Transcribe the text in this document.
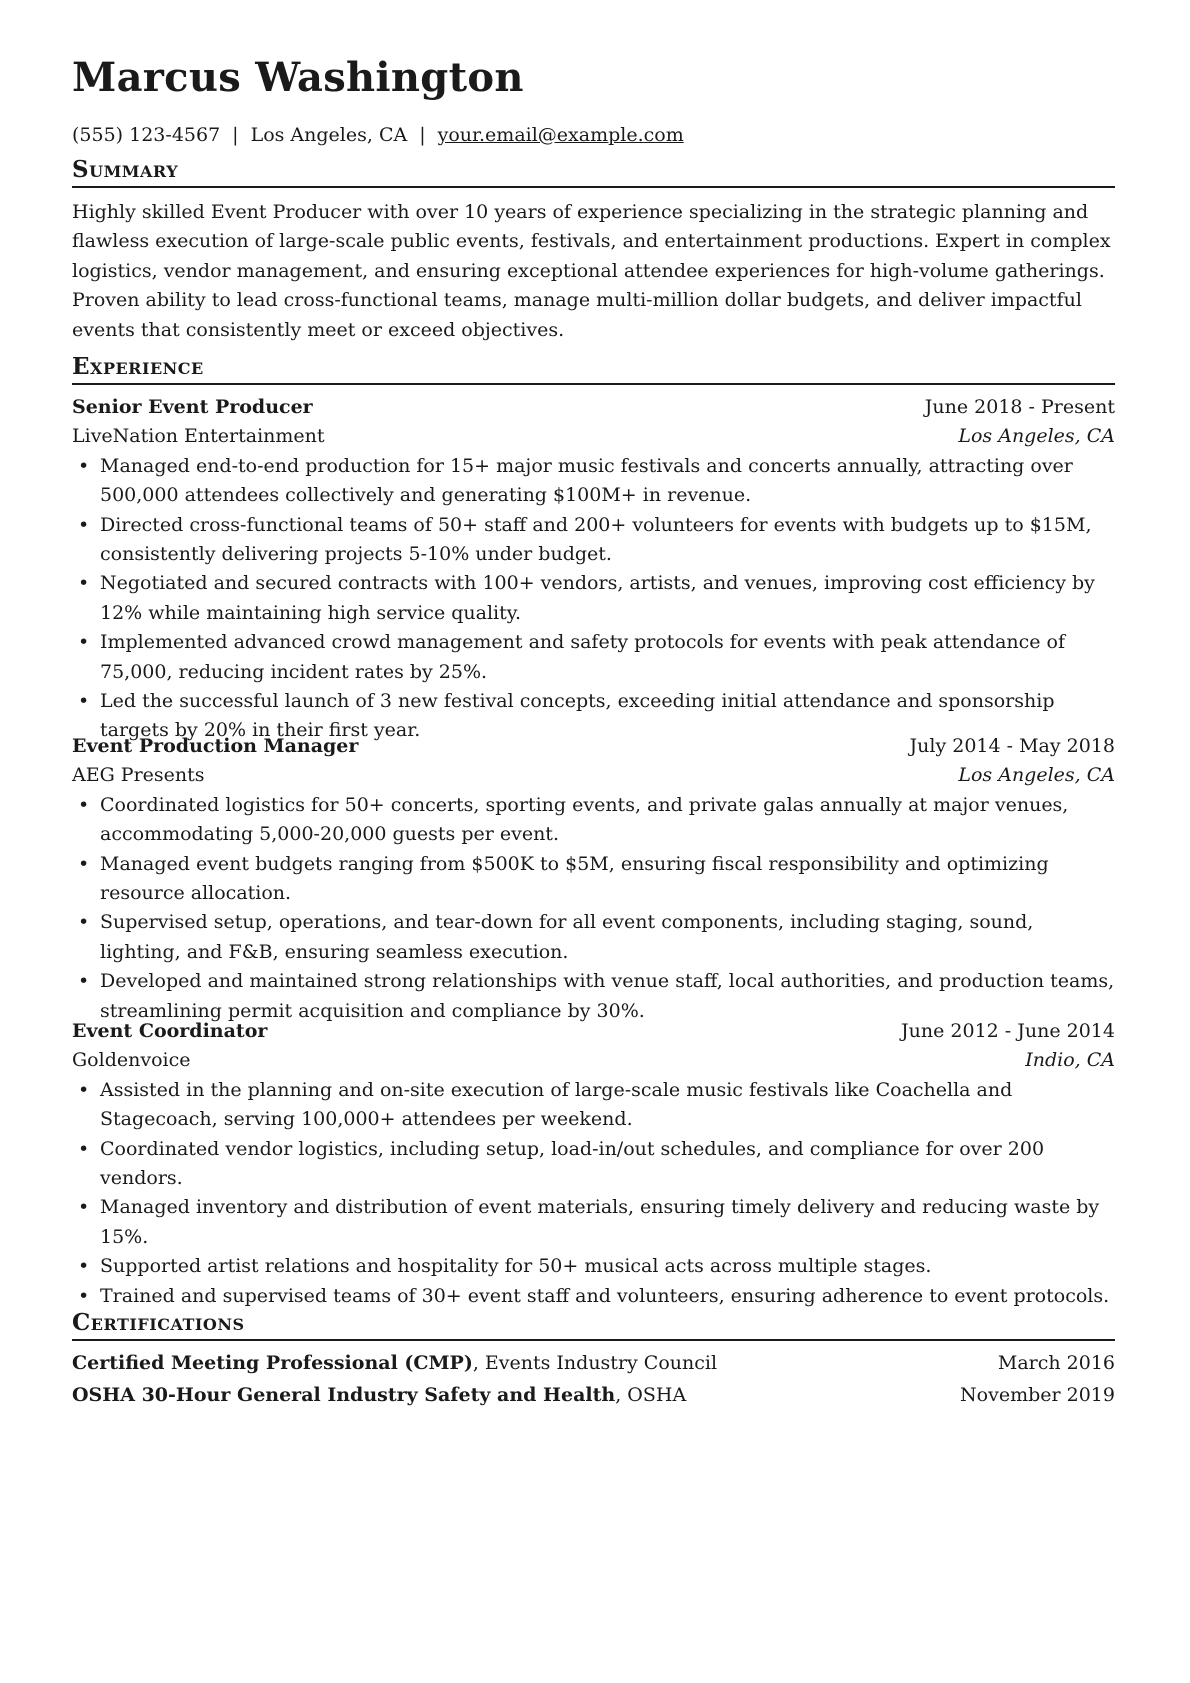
Marcus Washington
(555) 123-4567 | Los Angeles, CA | your.email@example.com
Summary

Highly skilled Event Producer with over 10 years of experience specializing in the strategic planning and flawless execution of large-scale public events, festivals, and entertainment productions. Expert in complex logistics, vendor management, and ensuring exceptional attendee experiences for high-volume gatherings. Proven ability to lead cross-functional teams, manage multi-million dollar budgets, and deliver impactful events that consistently meet or exceed objectives.

Experience
Senior Event Producer	June 2018 - Present
LiveNation Entertainment	Los Angeles, CA
• Managed end-to-end production for 15+ major music festivals and concerts annually, attracting over 500,000 attendees collectively and generating $100M+ in revenue.
• Directed cross-functional teams of 50+ staff and 200+ volunteers for events with budgets up to $15M, consistently delivering projects 5-10% under budget.
• Negotiated and secured contracts with 100+ vendors, artists, and venues, improving cost efficiency by 12% while maintaining high service quality.
• Implemented advanced crowd management and safety protocols for events with peak attendance of 75,000, reducing incident rates by 25%.
• Led the successful launch of 3 new festival concepts, exceeding initial attendance and sponsorship targets by 20% in their first year.
Event Production Manager	July 2014 - May 2018
AEG Presents	Los Angeles, CA
• Coordinated logistics for 50+ concerts, sporting events, and private galas annually at major venues, accommodating 5,000-20,000 guests per event.
• Managed event budgets ranging from $500K to $5M, ensuring fiscal responsibility and optimizing resource allocation.
• Supervised setup, operations, and tear-down for all event components, including staging, sound, lighting, and F&B, ensuring seamless execution.
• Developed and maintained strong relationships with venue staff, local authorities, and production teams, streamlining permit acquisition and compliance by 30%.
Event Coordinator	June 2012 - June 2014
Goldenvoice	Indio, CA
• Assisted in the planning and on-site execution of large-scale music festivals like Coachella and Stagecoach, serving 100,000+ attendees per weekend.
• Coordinated vendor logistics, including setup, load-in/out schedules, and compliance for over 200 vendors.
• Managed inventory and distribution of event materials, ensuring timely delivery and reducing waste by 15%.
• Supported artist relations and hospitality for 50+ musical acts across multiple stages.
• Trained and supervised teams of 30+ event staff and volunteers, ensuring adherence to event protocols.
Certifications
Certified Meeting Professional (CMP), Events Industry Council	March 2016
OSHA 30-Hour General Industry Safety and Health, OSHA	November 2019
